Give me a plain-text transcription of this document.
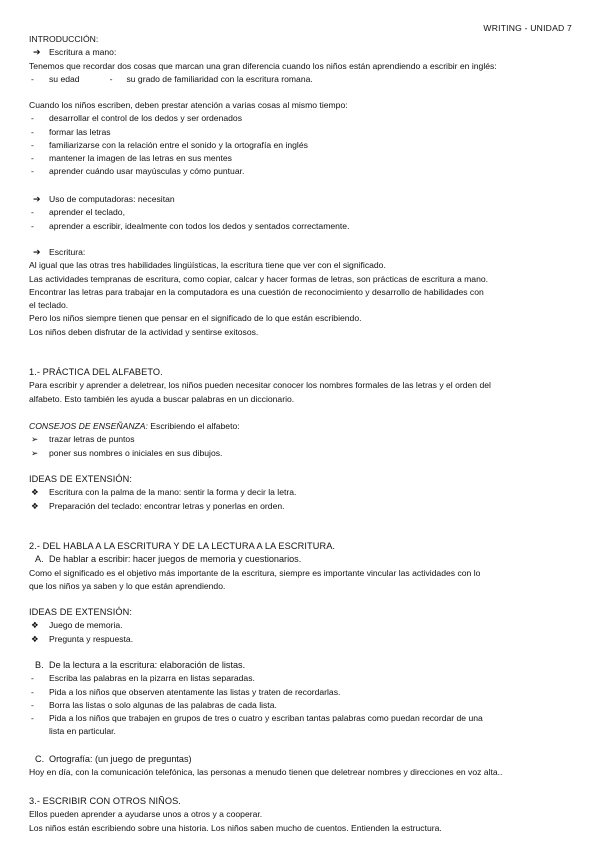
WRITING - UNIDAD 7
INTRODUCCIÓN:
➔ Escritura a mano:
Tenemos que recordar dos cosas que marcan una gran diferencia cuando los niños están aprendiendo a escribir en inglés:
- su edad	- su grado de familiaridad con la escritura romana.
Cuando los niños escriben, deben prestar atención a varias cosas al mismo tiempo:
- desarrollar el control de los dedos y ser ordenados
- formar las letras
- familiarizarse con la relación entre el sonido y la ortografía en inglés
- mantener la imagen de las letras en sus mentes
- aprender cuándo usar mayúsculas y cómo puntuar.
➔ Uso de computadoras: necesitan
- aprender el teclado,
- aprender a escribir, idealmente con todos los dedos y sentados correctamente.
➔ Escritura:
Al igual que las otras tres habilidades lingüísticas, la escritura tiene que ver con el significado.
Las actividades tempranas de escritura, como copiar, calcar y hacer formas de letras, son prácticas de escritura a mano.
Encontrar las letras para trabajar en la computadora es una cuestión de reconocimiento y desarrollo de habilidades con
el teclado.
Pero los niños siempre tienen que pensar en el significado de lo que están escribiendo.
Los niños deben disfrutar de la actividad y sentirse exitosos.
1.- PRÁCTICA DEL ALFABETO.
Para escribir y aprender a deletrear, los niños pueden necesitar conocer los nombres formales de las letras y el orden del
alfabeto. Esto también les ayuda a buscar palabras en un diccionario.
CONSEJOS DE ENSEÑANZA: Escribiendo el alfabeto:
➢ trazar letras de puntos
➢ poner sus nombres o iniciales en sus dibujos.
IDEAS DE EXTENSIÓN:
❖ Escritura con la palma de la mano: sentir la forma y decir la letra.
❖ Preparación del teclado: encontrar letras y ponerlas en orden.
2.- DEL HABLA A LA ESCRITURA Y DE LA LECTURA A LA ESCRITURA.
A. De hablar a escribir: hacer juegos de memoria y cuestionarios.
Como el significado es el objetivo más importante de la escritura, siempre es importante vincular las actividades con lo
que los niños ya saben y lo que están aprendiendo.
IDEAS DE EXTENSIÓN:
❖ Juego de memoria.
❖ Pregunta y respuesta.
B. De la lectura a la escritura: elaboración de listas.
- Escriba las palabras en la pizarra en listas separadas.
- Pida a los niños que observen atentamente las listas y traten de recordarlas.
- Borra las listas o solo algunas de las palabras de cada lista.
- Pida a los niños que trabajen en grupos de tres o cuatro y escriban tantas palabras como puedan recordar de una
lista en particular.
C. Ortografía: (un juego de preguntas)
Hoy en día, con la comunicación telefónica, las personas a menudo tienen que deletrear nombres y direcciones en voz alta..
3.- ESCRIBIR CON OTROS NIÑOS.
Ellos pueden aprender a ayudarse unos a otros y a cooperar.
Los niños están escribiendo sobre una historia. Los niños saben mucho de cuentos. Entienden la estructura.
